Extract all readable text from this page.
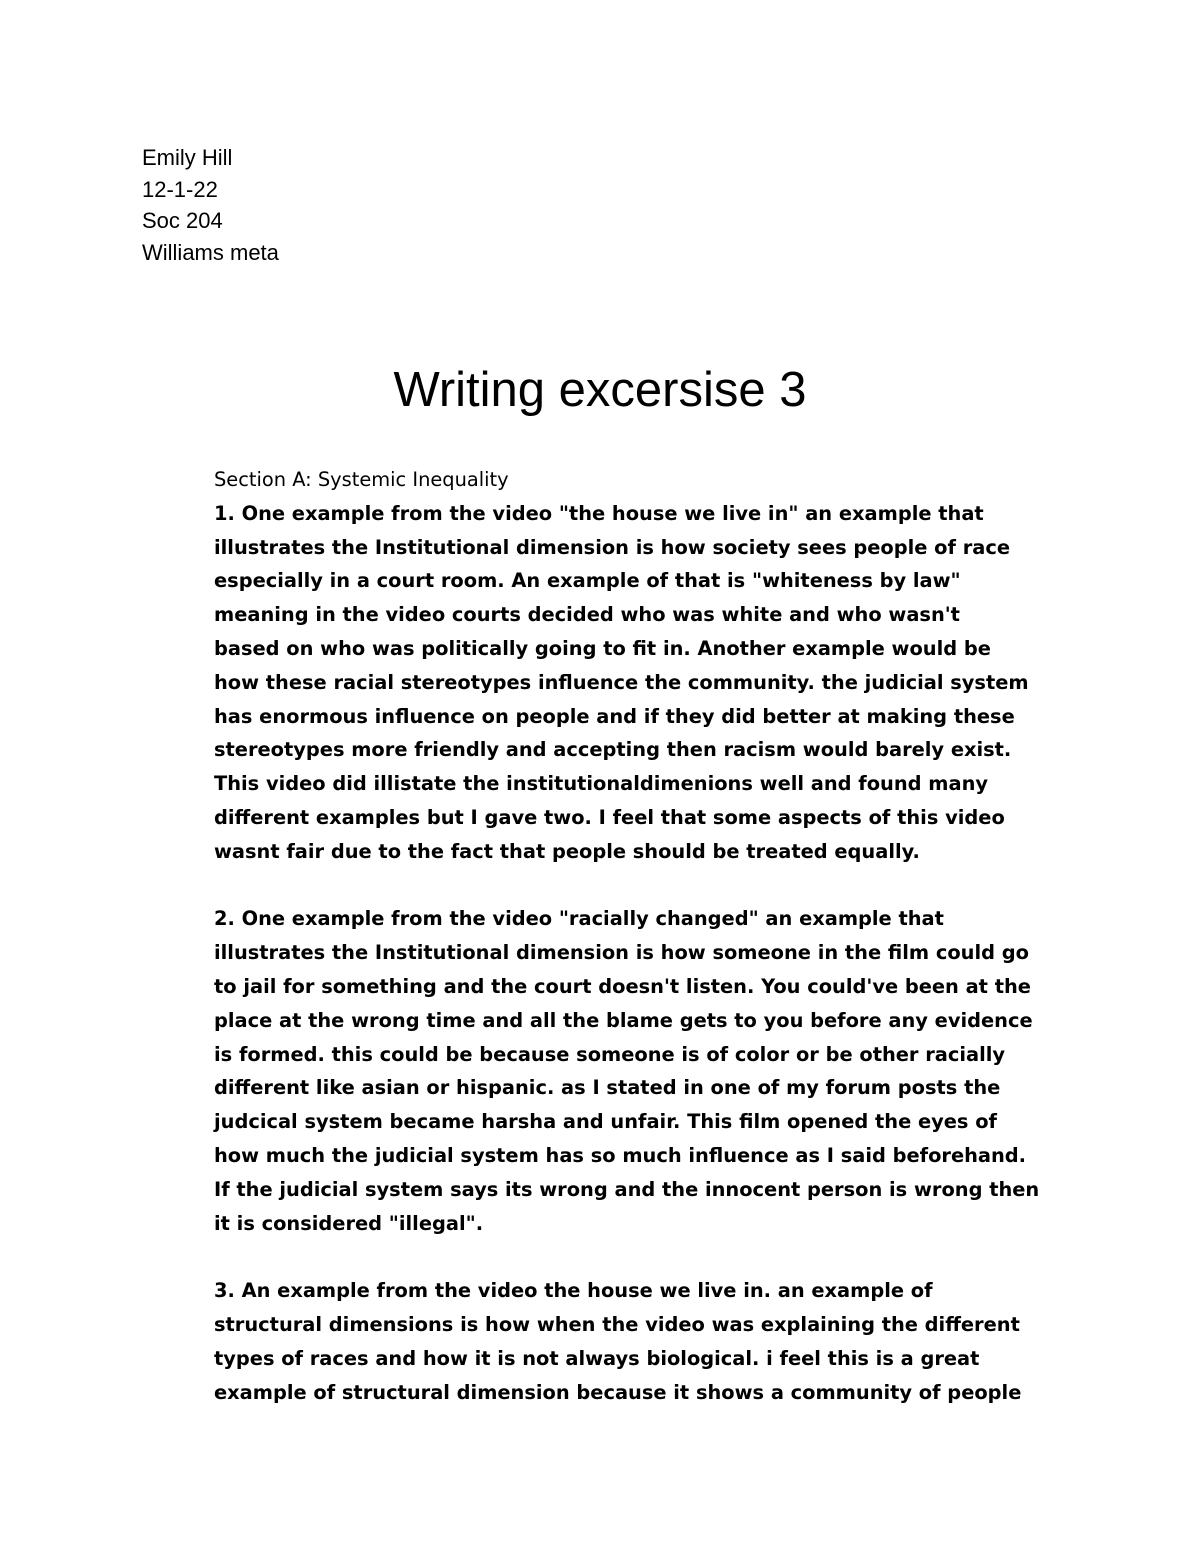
Emily Hill
12-1-22
Soc 204
Williams meta
Writing excersise 3
Section A: Systemic Inequality
1. One example from the video "the house we live in" an example that
illustrates the Institutional dimension is how society sees people of race
especially in a court room. An example of that is "whiteness by law"
meaning in the video courts decided who was white and who wasn't
based on who was politically going to fit in. Another example would be
how these racial stereotypes influence the community. the judicial system
has enormous influence on people and if they did better at making these
stereotypes more friendly and accepting then racism would barely exist.
This video did illistate the institutionaldimenions well and found many
different examples but I gave two. I feel that some aspects of this video
wasnt fair due to the fact that people should be treated equally.
2. One example from the video "racially changed" an example that
illustrates the Institutional dimension is how someone in the film could go
to jail for something and the court doesn't listen. You could've been at the
place at the wrong time and all the blame gets to you before any evidence
is formed. this could be because someone is of color or be other racially
different like asian or hispanic. as I stated in one of my forum posts the
judcical system became harsha and unfair. This film opened the eyes of
how much the judicial system has so much influence as I said beforehand.
If the judicial system says its wrong and the innocent person is wrong then
it is considered "illegal".
3. An example from the video the house we live in. an example of
structural dimensions is how when the video was explaining the different
types of races and how it is not always biological. i feel this is a great
example of structural dimension because it shows a community of people
